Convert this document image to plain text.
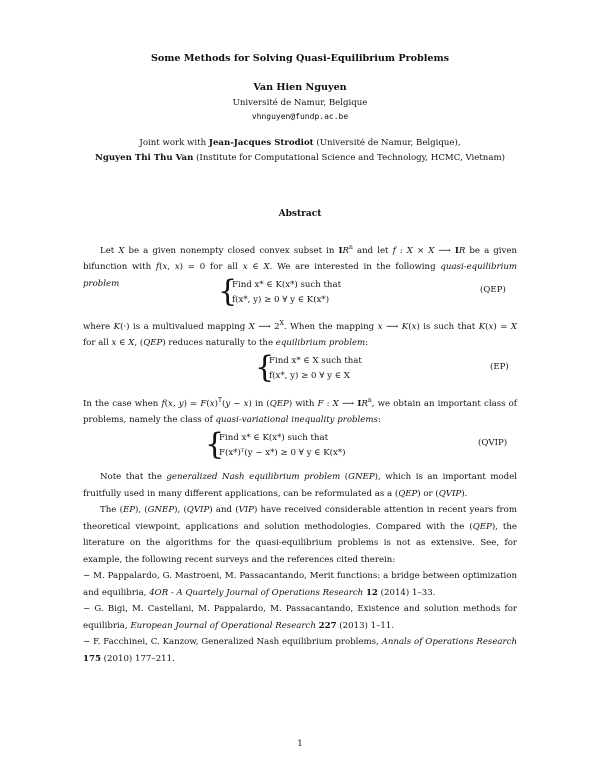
Some Methods for Solving Quasi-Equilibrium Problems
Van Hien Nguyen
Université de Namur, Belgique
vhnguyen@fundp.ac.be
Joint work with Jean-Jacques Strodiot (Université de Namur, Belgique),
Nguyen Thi Thu Van (Institute for Computational Science and Technology, HCMC, Vietnam)
Abstract

Let X be a given nonempty closed convex subset in $IR^n$ and let f : X × X ⟶ IR be a given bifunction with f(x, x) = 0 for all x ∈ X. We are interested in the following quasi-equilibrium problem	{
Find x* ∈ K(x*) such that
f(x*, y) ≥ 0 ∀ y ∈ K(x*)
(QEP)

where K(·) is a multivalued mapping X ⟶ $2^X$. When the mapping x ⟶ K(x) is such that K(x) = X for all x ∈ X, (QEP) reduces naturally to the equilibrium problem:

{
Find x* ∈ X such that
f(x*, y) ≥ 0 ∀ y ∈ X
(EP)

In the case when f(x, $y) = F(x)^T(y - x)$ in (QEP) with F : X ⟶ $IR^n$, we obtain an important class of problems, namely the class of quasi-variational inequality problems:

{
Find x* ∈ K(x*) such that
F(x*)ᵀ(y − x*) ≥ 0 ∀ y ∈ K(x*)
(QVIP)

Note that the generalized Nash equilibrium problem (GNEP), which is an important model fruitfully used in many different applications, can be reformulated as a (QEP) or (QVIP).

The (EP), (GNEP), (QVIP) and (VIP) have received considerable attention in recent years from theoretical viewpoint, applications and solution methodologies. Compared with the (QEP), the literature on the algorithms for the quasi-equilibrium problems is not as extensive. See, for example, the following recent surveys and the references cited therein:

− M. Pappalardo, G. Mastroeni, M. Passacantando, Merit functions: a bridge between optimization and equilibria, 4OR - A Quartely Journal of Operations Research 12 (2014) 1–33.

− G. Bigi, M. Castellani, M. Pappalardo, M. Passacantando, Existence and solution methods for equilibria, European Journal of Operational Research 227 (2013) 1–11.

− F. Facchinei, C. Kanzow, Generalized Nash equilibrium problems, Annals of Operations Research 175 (2010) 177–211.

1
